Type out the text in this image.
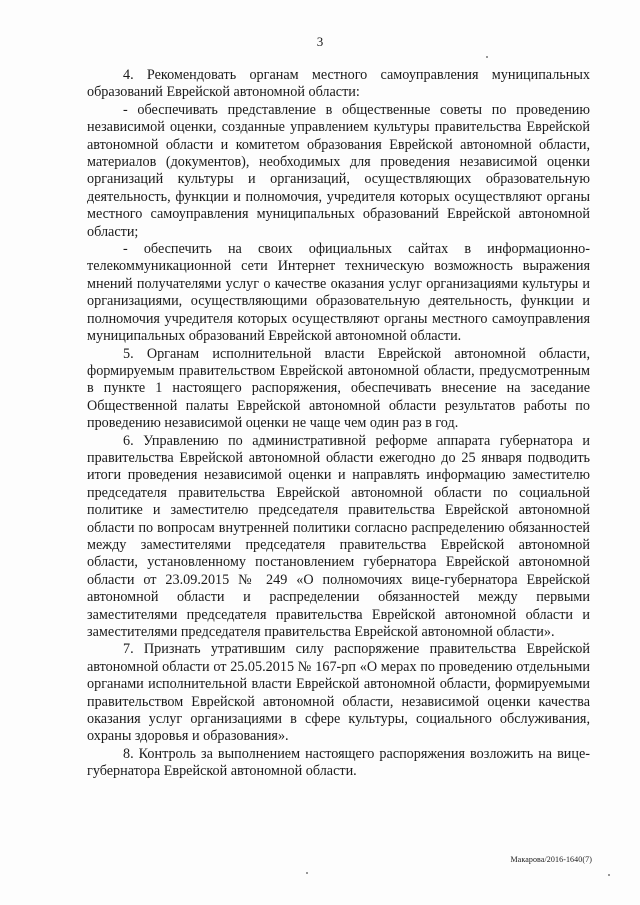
3

4. Рекомендовать органам местного самоуправления муниципальных образований Еврейской автономной области:

- обеспечивать представление в общественные советы по проведению независимой оценки, созданные управлением культуры правительства Еврейской автономной области и комитетом образования Еврейской автономной области, материалов (документов), необходимых для проведения независимой оценки организаций культуры и организаций, осуществляющих образовательную деятельность, функции и полномочия, учредителя которых осуществляют органы местного самоуправления муниципальных образований Еврейской автономной области;

- обеспечить на своих официальных сайтах в информационно-телекоммуникационной сети Интернет техническую возможность выражения мнений получателями услуг о качестве оказания услуг организациями культуры и организациями, осуществляющими образовательную деятельность, функции и полномочия учредителя которых осуществляют органы местного самоуправления муниципальных образований Еврейской автономной области.

5. Органам исполнительной власти Еврейской автономной области, формируемым правительством Еврейской автономной области, предусмотренным в пункте 1 настоящего распоряжения, обеспечивать внесение на заседание Общественной палаты Еврейской автономной области результатов работы по проведению независимой оценки не чаще чем один раз в год.

6. Управлению по административной реформе аппарата губернатора и правительства Еврейской автономной области ежегодно до 25 января подводить итоги проведения независимой оценки и направлять информацию заместителю председателя правительства Еврейской автономной области по социальной политике и заместителю председателя правительства Еврейской автономной области по вопросам внутренней политики согласно распределению обязанностей между заместителями председателя правительства Еврейской автономной области, установленному постановлением губернатора Еврейской автономной области от 23.09.2015 № 249 «О полномочиях вице-губернатора Еврейской автономной области и распределении обязанностей между первыми заместителями председателя правительства Еврейской автономной области и заместителями председателя правительства Еврейской автономной области».

7. Признать утратившим силу распоряжение правительства Еврейской автономной области от 25.05.2015 № 167-рп «О мерах по проведению отдельными органами исполнительной власти Еврейской автономной области, формируемыми правительством Еврейской автономной области, независимой оценки качества оказания услуг организациями в сфере культуры, социального обслуживания, охраны здоровья и образования».

8. Контроль за выполнением настоящего распоряжения возложить на вице-губернатора Еврейской автономной области.

Макарова/2016-1640(7)
